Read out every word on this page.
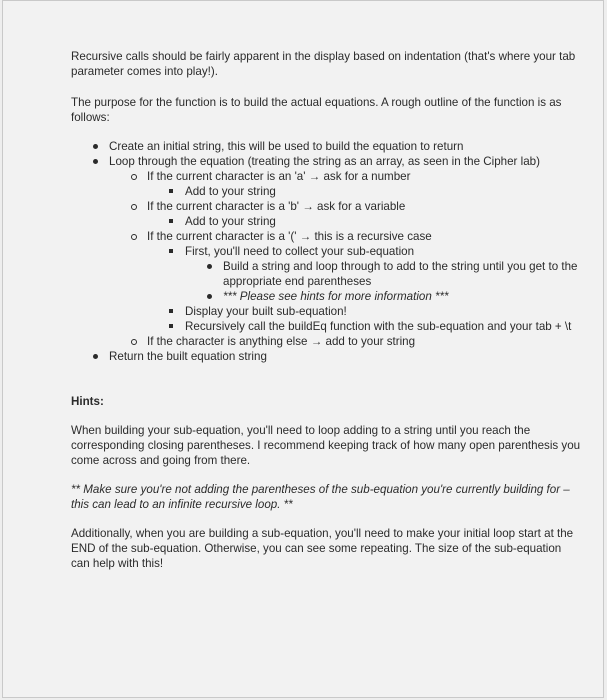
Recursive calls should be fairly apparent in the display based on indentation (that's where your tab parameter comes into play!).

The purpose for the function is to build the actual equations. A rough outline of the function is as follows:

Create an initial string, this will be used to build the equation to return
Loop through the equation (treating the string as an array, as seen in the Cipher lab)
If the current character is an 'a' → ask for a number
Add to your string
If the current character is a 'b' → ask for a variable
Add to your string
If the current character is a '(' → this is a recursive case
First, you'll need to collect your sub-equation
Build a string and loop through to add to the string until you get to the appropriate end parentheses
*** Please see hints for more information ***
Display your built sub-equation!
Recursively call the buildEq function with the sub-equation and your tab + \t
If the character is anything else → add to your string
Return the built equation string

Hints:

When building your sub-equation, you'll need to loop adding to a string until you reach the corresponding closing parentheses. I recommend keeping track of how many open parenthesis you come across and going from there.

** Make sure you're not adding the parentheses of the sub-equation you're currently building for – this can lead to an infinite recursive loop. **

Additionally, when you are building a sub-equation, you'll need to make your initial loop start at the END of the sub-equation. Otherwise, you can see some repeating. The size of the sub-equation can help with this!
